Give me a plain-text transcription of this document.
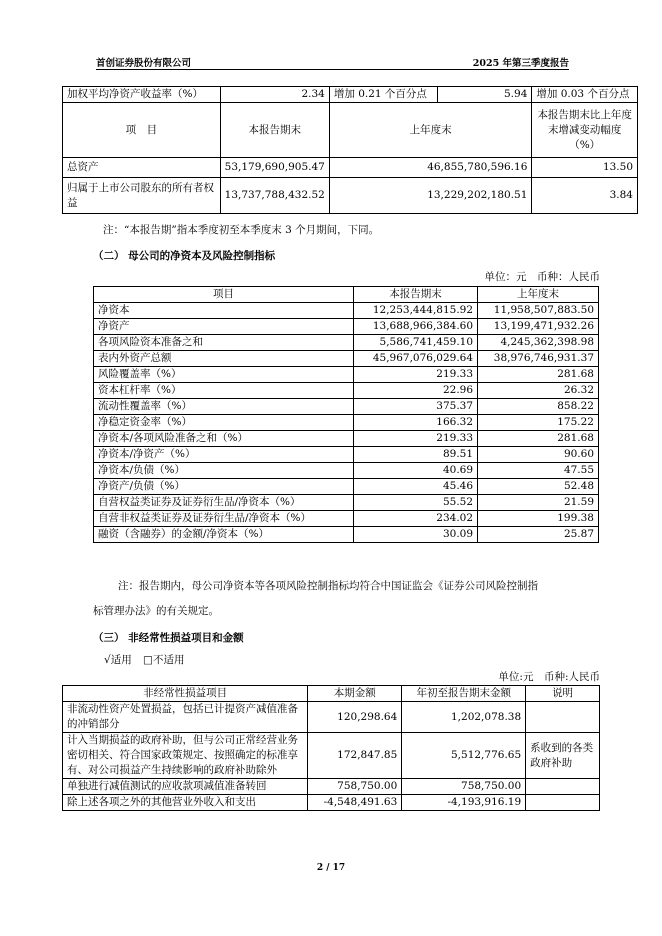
首创证券股份有限公司	2025 年第三季度报告
加权平均净资产收益率（%）	2.34	增加 0.21 个百分点	5.94	增加 0.03 个百分点
项　目	本报告期末	上年度末		本报告期末比上年度末增减变动幅度（%）
总资产	53,179,690,905.47	46,855,780,596.16		13.50
归属于上市公司股东的所有者权益	13,737,788,432.52	13,229,202,180.51		3.84
注：“本报告期”指本季度初至本季度末 3 个月期间，下同。
（二） 母公司的净资本及风险控制指标
单位：元　币种：人民币
项目	本报告期末	上年度末
净资本	12,253,444,815.92	11,958,507,883.50
净资产	13,688,966,384.60	13,199,471,932.26
各项风险资本准备之和	5,586,741,459.10	4,245,362,398.98
表内外资产总额	45,967,076,029.64	38,976,746,931.37
风险覆盖率（%）	219.33	281.68
资本杠杆率（%）	22.96	26.32
流动性覆盖率（%）	375.37	858.22
净稳定资金率（%）	166.32	175.22
净资本/各项风险准备之和（%）	219.33	281.68
净资本/净资产（%）	89.51	90.60
净资本/负债（%）	40.69	47.55
净资产/负债（%）	45.46	52.48
自营权益类证券及证券衍生品/净资本（%）	55.52	21.59
自营非权益类证券及证券衍生品/净资本（%）	234.02	199.38
融资（含融券）的金额/净资本（%）	30.09	25.87
注：报告期内，母公司净资本等各项风险控制指标均符合中国证监会《证券公司风险控制指
标管理办法》的有关规定。
（三） 非经常性损益项目和金额
√适用 □不适用
单位:元　币种:人民币
非经常性损益项目	本期金额	年初至报告期末金额	说明
非流动性资产处置损益，包括已计提资产减值准备的冲销部分	120,298.64	1,202,078.38	
计入当期损益的政府补助，但与公司正常经营业务密切相关、符合国家政策规定、按照确定的标准享有、对公司损益产生持续影响的政府补助除外	172,847.85	5,512,776.65	系收到的各类政府补助
单独进行减值测试的应收款项减值准备转回	758,750.00	758,750.00	
除上述各项之外的其他营业外收入和支出	-4,548,491.63	-4,193,916.19	
2 / 17
